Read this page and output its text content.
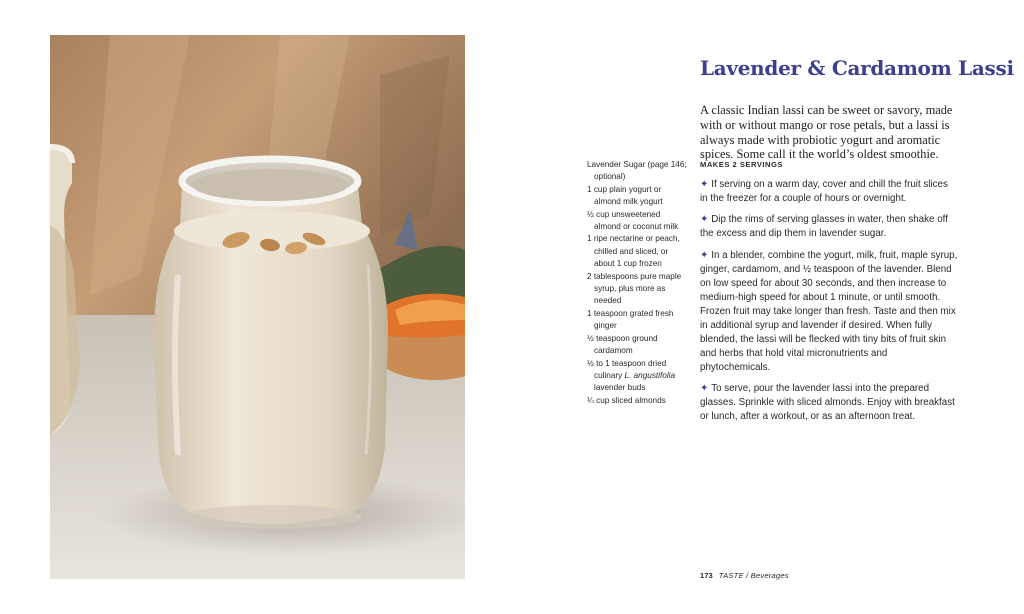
Lavender & Cardamom Lassi

A classic Indian lassi can be sweet or savory, made with or without mango or rose petals, but a lassi is always made with probiotic yogurt and aromatic spices. Some call it the world’s oldest smoothie.

Lavender Sugar (page 146; optional)
1 cup plain yogurt or almond milk yogurt
½ cup unsweetened almond or coconut milk
1 ripe nectarine or peach, chilled and sliced, or about 1 cup frozen
2 tablespoons pure maple syrup, plus more as needed
1 teaspoon grated fresh ginger
½ teaspoon ground cardamom
½ to 1 teaspoon dried culinary L. angustifolia lavender buds
¼ cup sliced almonds
MAKES 2 SERVINGS
✦ If serving on a warm day, cover and chill the fruit slices in the freezer for a couple of hours or overnight.
✦ Dip the rims of serving glasses in water, then shake off the excess and dip them in lavender sugar.
✦ In a blender, combine the yogurt, milk, fruit, maple syrup, ginger, cardamom, and ½ teaspoon of the lavender. Blend on low speed for about 30 seconds, and then increase to medium-high speed for about 1 minute, or until smooth. Frozen fruit may take longer than fresh. Taste and then mix in additional syrup and lavender if desired. When fully blended, the lassi will be flecked with tiny bits of fruit skin and herbs that hold vital micronutrients and phytochemicals.
✦ To serve, pour the lavender lassi into the prepared glasses. Sprinkle with sliced almonds. Enjoy with breakfast or lunch, after a workout, or as an afternoon treat.
173 TASTE / Beverages
